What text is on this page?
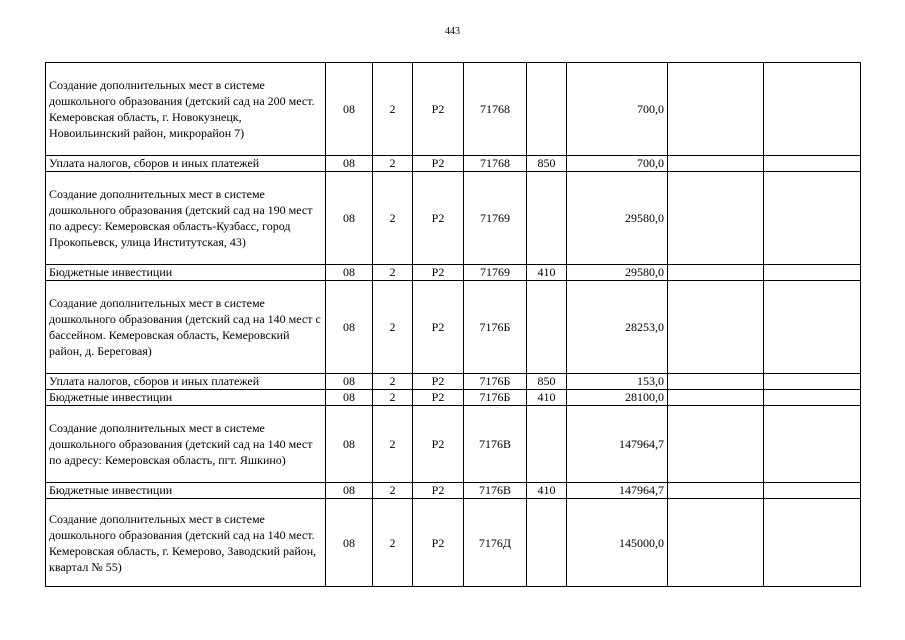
443
Создание дополнительных мест в системе дошкольного образования (детский сад на 200 мест. Кемеровская область, г. Новокузнецк, Новоильинский район, микрорайон 7)	08	2	Р2	71768		700,0		
Уплата налогов, сборов и иных платежей	08	2	Р2	71768	850	700,0		
Создание дополнительных мест в системе дошкольного образования (детский сад на 190 мест по адресу: Кемеровская область-Кузбасс, город Прокопьевск, улица Институтская, 43)	08	2	Р2	71769		29580,0		
Бюджетные инвестиции	08	2	Р2	71769	410	29580,0		
Создание дополнительных мест в системе дошкольного образования (детский сад на 140 мест с бассейном. Кемеровская область, Кемеровский район, д. Береговая)	08	2	Р2	7176Б		28253,0		
Уплата налогов, сборов и иных платежей	08	2	Р2	7176Б	850	153,0		
Бюджетные инвестиции	08	2	Р2	7176Б	410	28100,0		
Создание дополнительных мест в системе дошкольного образования (детский сад на 140 мест по адресу: Кемеровская область, пгт. Яшкино)	08	2	Р2	7176В		147964,7		
Бюджетные инвестиции	08	2	Р2	7176В	410	147964,7		
Создание дополнительных мест в системе дошкольного образования (детский сад на 140 мест. Кемеровская область, г. Кемерово, Заводский район, квартал № 55)	08	2	Р2	7176Д		145000,0		
